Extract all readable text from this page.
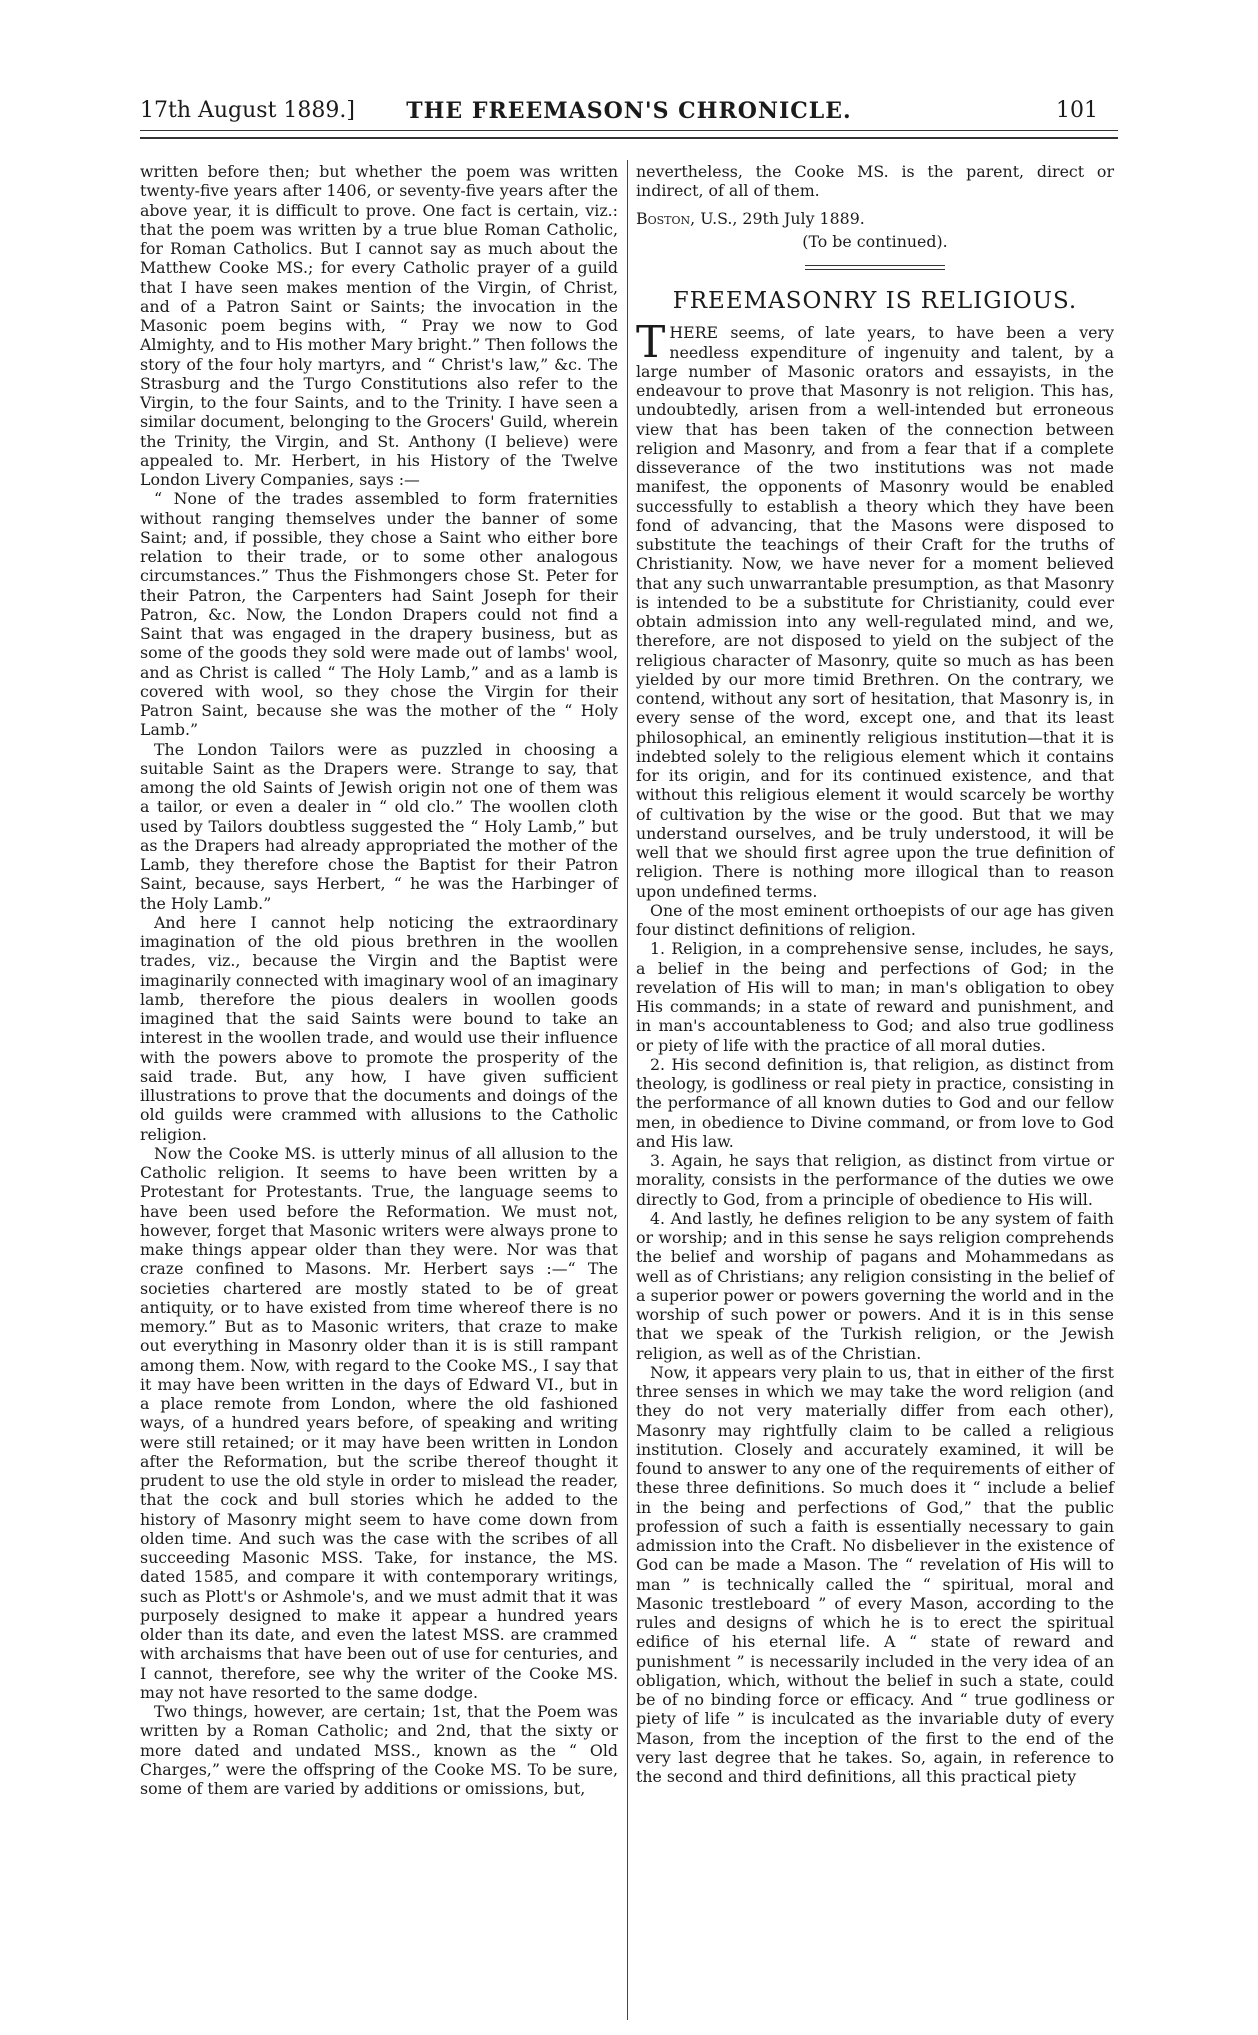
17th August 1889.]	THE FREEMASON'S CHRONICLE.	101

written before then; but whether the poem was written twenty-five years after 1406, or seventy-five years after the above year, it is difficult to prove. One fact is certain, viz.: that the poem was written by a true blue Roman Catholic, for Roman Catholics. But I cannot say as much about the Matthew Cooke MS.; for every Catholic prayer of a guild that I have seen makes mention of the Virgin, of Christ, and of a Patron Saint or Saints; the invocation in the Masonic poem begins with, “ Pray we now to God Almighty, and to His mother Mary bright.” Then follows the story of the four holy martyrs, and “ Christ's law,” &c. The Strasburg and the Turgo Constitutions also refer to the Virgin, to the four Saints, and to the Trinity. I have seen a similar document, belonging to the Grocers' Guild, wherein the Trinity, the Virgin, and St. Anthony (I believe) were appealed to. Mr. Herbert, in his History of the Twelve London Livery Companies, says :—

“ None of the trades assembled to form fraternities without ranging themselves under the banner of some Saint; and, if possible, they chose a Saint who either bore relation to their trade, or to some other analogous circumstances.” Thus the Fishmongers chose St. Peter for their Patron, the Carpenters had Saint Joseph for their Patron, &c. Now, the London Drapers could not find a Saint that was engaged in the drapery business, but as some of the goods they sold were made out of lambs' wool, and as Christ is called “ The Holy Lamb,” and as a lamb is covered with wool, so they chose the Virgin for their Patron Saint, because she was the mother of the “ Holy Lamb.”

The London Tailors were as puzzled in choosing a suitable Saint as the Drapers were. Strange to say, that among the old Saints of Jewish origin not one of them was a tailor, or even a dealer in “ old clo.” The woollen cloth used by Tailors doubtless suggested the “ Holy Lamb,” but as the Drapers had already appropriated the mother of the Lamb, they therefore chose the Baptist for their Patron Saint, because, says Herbert, “ he was the Harbinger of the Holy Lamb.”

And here I cannot help noticing the extraordinary imagination of the old pious brethren in the woollen trades, viz., because the Virgin and the Baptist were imaginarily connected with imaginary wool of an imaginary lamb, therefore the pious dealers in woollen goods imagined that the said Saints were bound to take an interest in the woollen trade, and would use their influence with the powers above to promote the prosperity of the said trade. But, any how, I have given sufficient illustrations to prove that the documents and doings of the old guilds were crammed with allusions to the Catholic religion.

Now the Cooke MS. is utterly minus of all allusion to the Catholic religion. It seems to have been written by a Protestant for Protestants. True, the language seems to have been used before the Reformation. We must not, however, forget that Masonic writers were always prone to make things appear older than they were. Nor was that craze confined to Masons. Mr. Herbert says :—“ The societies chartered are mostly stated to be of great antiquity, or to have existed from time whereof there is no memory.” But as to Masonic writers, that craze to make out everything in Masonry older than it is is still rampant among them. Now, with regard to the Cooke MS., I say that it may have been written in the days of Edward VI., but in a place remote from London, where the old fashioned ways, of a hundred years before, of speaking and writing were still retained; or it may have been written in London after the Reformation, but the scribe thereof thought it prudent to use the old style in order to mislead the reader, that the cock and bull stories which he added to the history of Masonry might seem to have come down from olden time. And such was the case with the scribes of all succeeding Masonic MSS. Take, for instance, the MS. dated 1585, and compare it with contemporary writings, such as Plott's or Ashmole's, and we must admit that it was purposely designed to make it appear a hundred years older than its date, and even the latest MSS. are crammed with archaisms that have been out of use for centuries, and I cannot, therefore, see why the writer of the Cooke MS. may not have resorted to the same dodge.

Two things, however, are certain; 1st, that the Poem was written by a Roman Catholic; and 2nd, that the sixty or more dated and undated MSS., known as the “ Old Charges,” were the offspring of the Cooke MS. To be sure, some of them are varied by additions or omissions, but,

nevertheless, the Cooke MS. is the parent, direct or indirect, of all of them.

Boston, U.S., 29th July 1889.

(To be continued).

FREEMASONRY IS RELIGIOUS.

THERE seems, of late years, to have been a very needless expenditure of ingenuity and talent, by a large number of Masonic orators and essayists, in the endeavour to prove that Masonry is not religion. This has, undoubtedly, arisen from a well-intended but erroneous view that has been taken of the connection between religion and Masonry, and from a fear that if a complete disseverance of the two institutions was not made manifest, the opponents of Masonry would be enabled successfully to establish a theory which they have been fond of advancing, that the Masons were disposed to substitute the teachings of their Craft for the truths of Christianity. Now, we have never for a moment believed that any such unwarrantable presumption, as that Masonry is intended to be a substitute for Christianity, could ever obtain admission into any well-regulated mind, and we, therefore, are not disposed to yield on the subject of the religious character of Masonry, quite so much as has been yielded by our more timid Brethren. On the contrary, we contend, without any sort of hesitation, that Masonry is, in every sense of the word, except one, and that its least philosophical, an eminently religious institution—that it is indebted solely to the religious element which it contains for its origin, and for its continued existence, and that without this religious element it would scarcely be worthy of cultivation by the wise or the good. But that we may understand ourselves, and be truly understood, it will be well that we should first agree upon the true definition of religion. There is nothing more illogical than to reason upon undefined terms.

One of the most eminent orthoepists of our age has given four distinct definitions of religion.

1. Religion, in a comprehensive sense, includes, he says, a belief in the being and perfections of God; in the revelation of His will to man; in man's obligation to obey His commands; in a state of reward and punishment, and in man's accountableness to God; and also true godliness or piety of life with the practice of all moral duties.

2. His second definition is, that religion, as distinct from theology, is godliness or real piety in practice, consisting in the performance of all known duties to God and our fellow men, in obedience to Divine command, or from love to God and His law.

3. Again, he says that religion, as distinct from virtue or morality, consists in the performance of the duties we owe directly to God, from a principle of obedience to His will.

4. And lastly, he defines religion to be any system of faith or worship; and in this sense he says religion comprehends the belief and worship of pagans and Mohammedans as well as of Christians; any religion consisting in the belief of a superior power or powers governing the world and in the worship of such power or powers. And it is in this sense that we speak of the Turkish religion, or the Jewish religion, as well as of the Christian.

Now, it appears very plain to us, that in either of the first three senses in which we may take the word religion (and they do not very materially differ from each other), Masonry may rightfully claim to be called a religious institution. Closely and accurately examined, it will be found to answer to any one of the requirements of either of these three definitions. So much does it “ include a belief in the being and perfections of God,” that the public profession of such a faith is essentially necessary to gain admission into the Craft. No disbeliever in the existence of God can be made a Mason. The “ revelation of His will to man ” is technically called the “ spiritual, moral and Masonic trestleboard ” of every Mason, according to the rules and designs of which he is to erect the spiritual edifice of his eternal life. A “ state of reward and punishment ” is necessarily included in the very idea of an obligation, which, without the belief in such a state, could be of no binding force or efficacy. And “ true godliness or piety of life ” is inculcated as the invariable duty of every Mason, from the inception of the first to the end of the very last degree that he takes. So, again, in reference to the second and third definitions, all this practical piety
